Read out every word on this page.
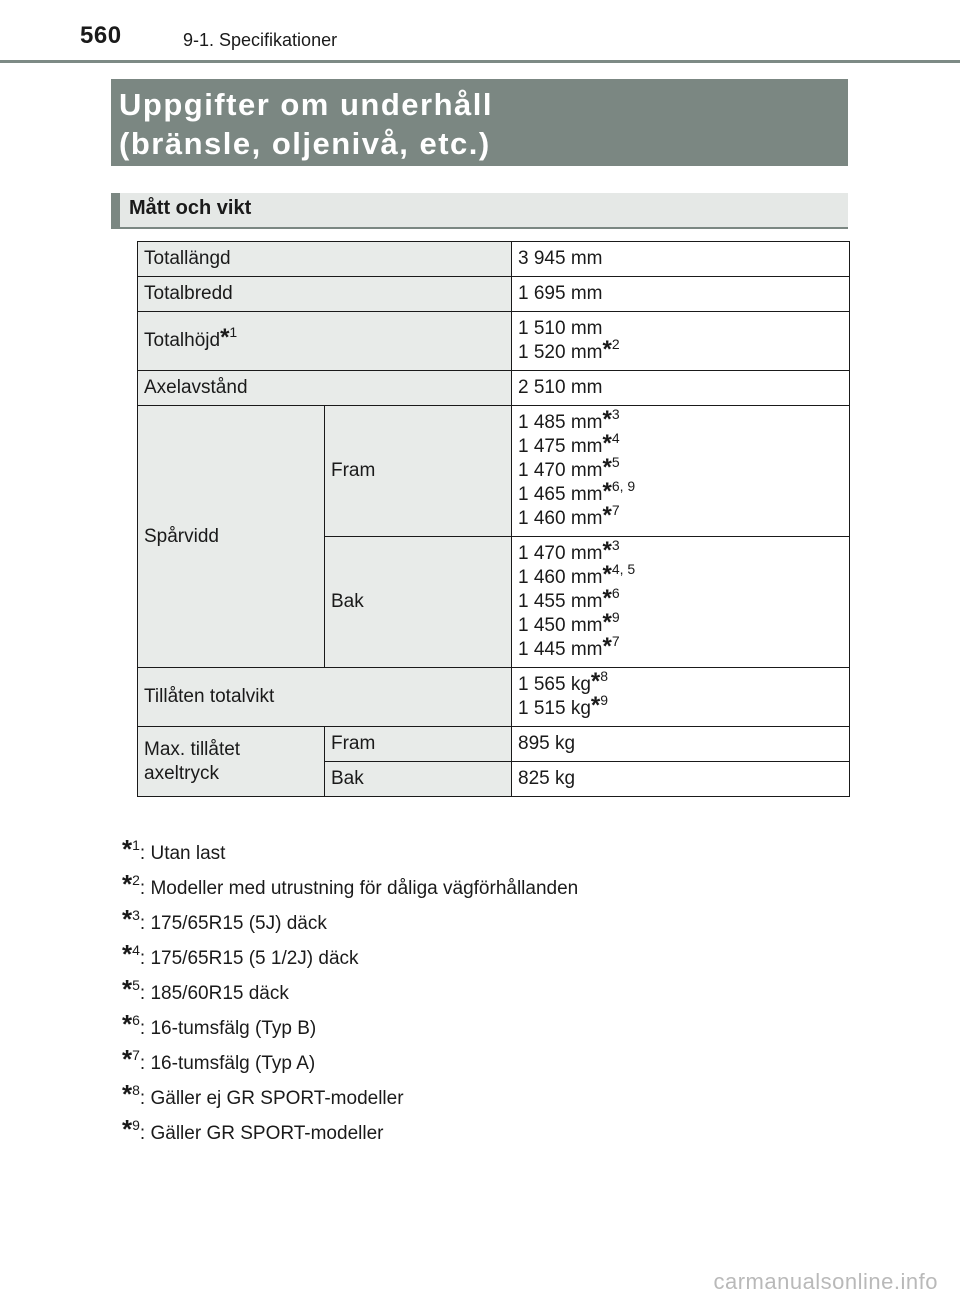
560	9-1. Specifikationer
Uppgifter om underhåll
(bränsle, oljenivå, etc.)
Mått och vikt
Totallängd		3 945 mm
Totalbredd		1 695 mm
Totalhöjd*$^1$		1 510 mm
1 520 mm*$^2$

Axelavstånd		2 510 mm
Spårvidd	Fram	1 485 mm*$^3$
1 475 mm*$^4$
1 470 mm*$^5$
1 465 mm*$^{6, 9}$
1 460 mm*$^7$

	Bak	1 470 mm*$^3$
1 460 mm*$^{4, 5}$
1 455 mm*$^6$
1 450 mm*$^9$
1 445 mm*$^7$

Tillåten totalvikt		1 565 kg*$^8$
1 515 kg*$^9$

Max. tillåtet
axeltryck	Fram	895 kg
	Bak	825 kg
*$^1$: Utan last
*$^2$: Modeller med utrustning för dåliga vägförhållanden
*$^3$: 175/65R15 (5J) däck
*$^4$: 175/65R15 (5 1/2J) däck
*$^5$: 185/60R15 däck
*$^6$: 16-tumsfälg (Typ B)
*$^7$: 16-tumsfälg (Typ A)
*$^8$: Gäller ej GR SPORT-modeller
*$^9$: Gäller GR SPORT-modeller
carmanualsonline.info
